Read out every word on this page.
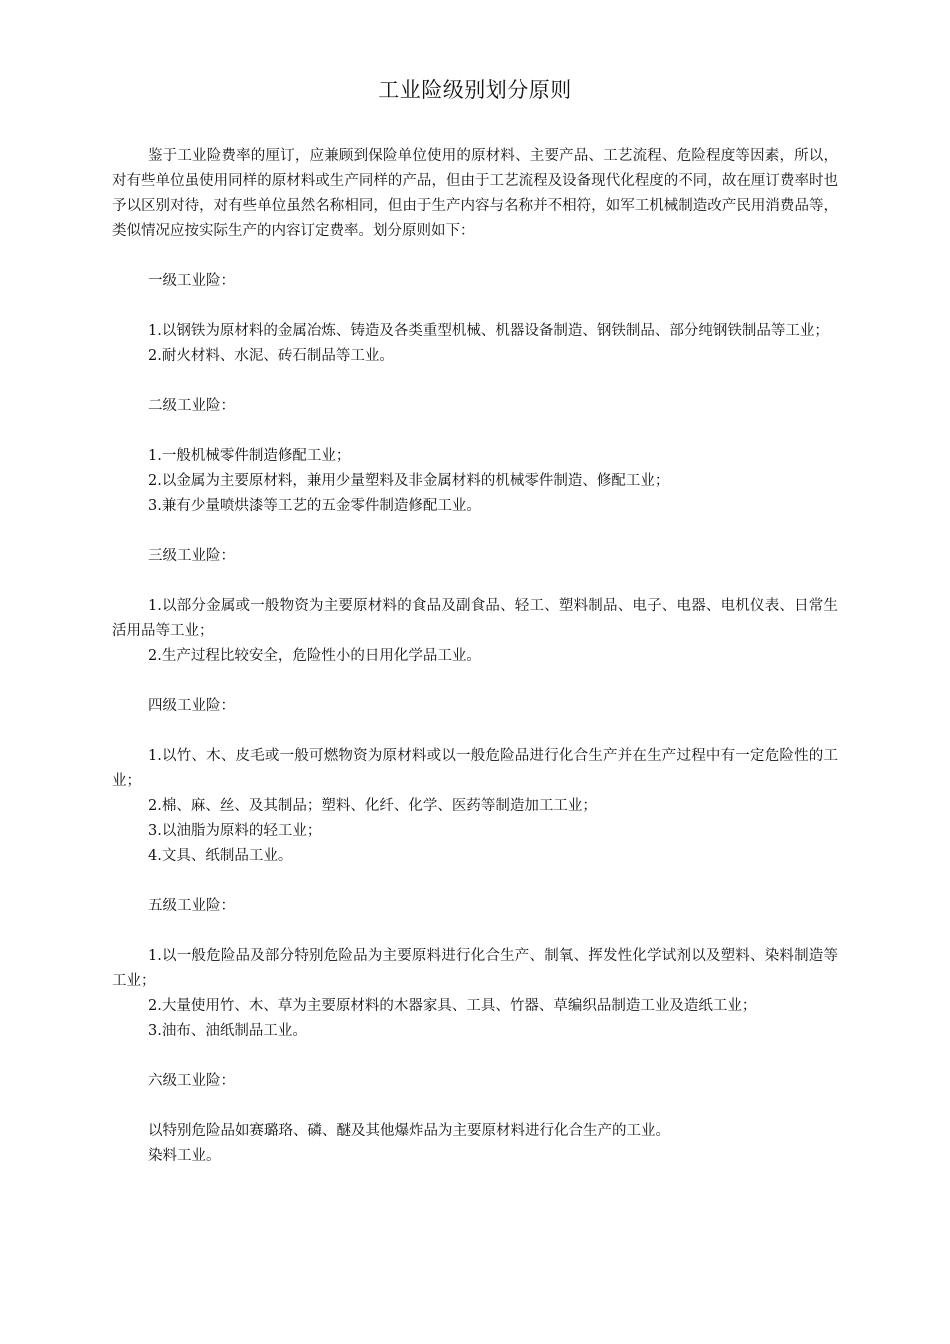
工业险级别划分原则

鉴于工业险费率的厘订，应兼顾到保险单位使用的原材料、主要产品、工艺流程、危险程度等因素，所以，对有些单位虽使用同样的原材料或生产同样的产品，但由于工艺流程及设备现代化程度的不同，故在厘订费率时也予以区别对待，对有些单位虽然名称相同，但由于生产内容与名称并不相符，如军工机械制造改产民用消费品等，类似情况应按实际生产的内容订定费率。划分原则如下：

一级工业险：

1.以钢铁为原材料的金属冶炼、铸造及各类重型机械、机器设备制造、钢铁制品、部分纯钢铁制品等工业；

2.耐火材料、水泥、砖石制品等工业。

二级工业险：

1.一般机械零件制造修配工业；

2.以金属为主要原材料，兼用少量塑料及非金属材料的机械零件制造、修配工业；

3.兼有少量喷烘漆等工艺的五金零件制造修配工业。

三级工业险：

1.以部分金属或一般物资为主要原材料的食品及副食品、轻工、塑料制品、电子、电器、电机仪表、日常生活用品等工业；

2.生产过程比较安全，危险性小的日用化学品工业。

四级工业险：

1.以竹、木、皮毛或一般可燃物资为原材料或以一般危险品进行化合生产并在生产过程中有一定危险性的工业；

2.棉、麻、丝、及其制品；塑料、化纤、化学、医药等制造加工工业；

3.以油脂为原料的轻工业；

4.文具、纸制品工业。

五级工业险：

1.以一般危险品及部分特别危险品为主要原料进行化合生产、制氧、挥发性化学试剂以及塑料、染料制造等工业；

2.大量使用竹、木、草为主要原材料的木器家具、工具、竹器、草编织品制造工业及造纸工业；

3.油布、油纸制品工业。

六级工业险：

以特别危险品如赛璐珞、磷、醚及其他爆炸品为主要原材料进行化合生产的工业。

染料工业。
